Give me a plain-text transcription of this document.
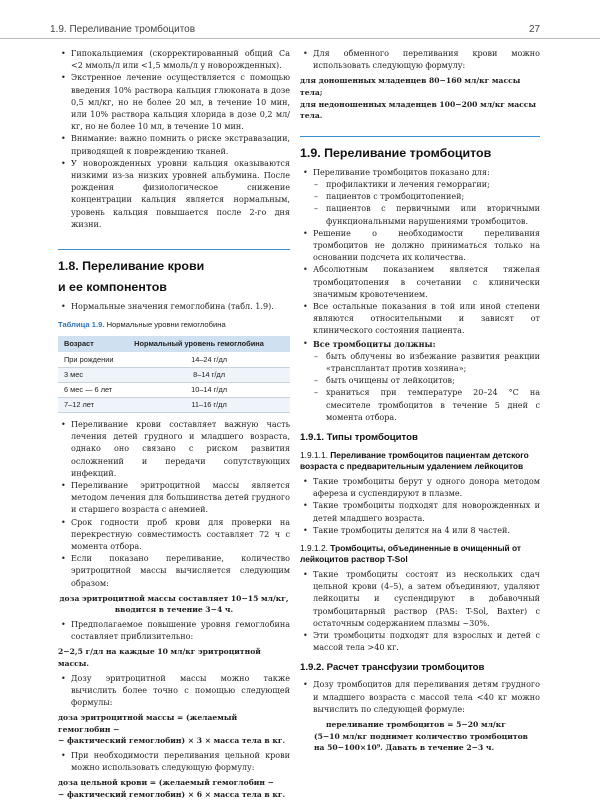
1.9. Переливание тромбоцитов	27
• Гипокальциемия (скорректированный общий Ca <2 ммоль/л или <1,5 ммоль/л у новорожденных).
• Экстренное лечение осуществляется с помощью введения 10% раствора кальция глюконата в дозе 0,5 мл/кг, но не более 20 мл, в течение 10 мин, или 10% раствора кальция хлорида в дозе 0,2 мл/кг, но не более 10 мл, в течение 10 мин.
• Внимание: важно помнить о риске экстравазации, приводящей к повреждению тканей.
• У новорожденных уровни кальция оказываются низкими из-за низких уровней альбумина. После рождения физиологическое снижение концентрации кальция является нормальным, уровень кальция повышается после 2-го дня жизни.
1.8. Переливание крови
и ее компонентов
• Нормальные значения гемоглобина (табл. 1.9).
Таблица 1.9. Нормальные уровни гемоглобина
Возраст	Нормальный уровень гемоглобина
При рождении	14–24 г/дл
3 мес	8–14 г/дл
6 мес — 6 лет	10–14 г/дл
7–12 лет	11–16 г/дл
• Переливание крови составляет важную часть лечения детей грудного и младшего возраста, однако оно связано с риском развития осложнений и передачи сопутствующих инфекций.
• Переливание эритроцитной массы является методом лечения для большинства детей грудного и старшего возраста с анемией.
• Срок годности проб крови для проверки на перекрестную совместимость составляет 72 ч с момента отбора.
• Если показано переливание, количество эритроцитной массы вычисляется следующим образом:
доза эритроцитной массы составляет 10−15 мл/кг,
вводится в течение 3−4 ч.
• Предполагаемое повышение уровня гемоглобина составляет приблизительно:
2−2,5 г/дл на каждые 10 мл/кг эритроцитной массы.
• Дозу эритроцитной массы можно также вычислить более точно с помощью следующей формулы:
доза эритроцитной массы = (желаемый гемоглобин −
− фактический гемоглобин) × 3 × масса тела в кг.
• При необходимости переливания цельной крови можно использовать следующую формулу:
доза цельной крови = (желаемый гемоглобин −
− фактический гемоглобин) × 6 × масса тела в кг.
• Для обменного переливания крови можно использовать следующую формулу:
для доношенных младенцев 80−160 мл/кг массы тела;
для недоношенных младенцев 100−200 мл/кг массы тела.
1.9. Переливание тромбоцитов
• Переливание тромбоцитов показано для:
– профилактики и лечения геморрагии;
– пациентов с тромбоцитопенией;
– пациентов с первичными или вторичными функциональными нарушениями тромбоцитов.
• Решение о необходимости переливания тромбоцитов не должно приниматься только на основании подсчета их количества.
• Абсолютным показанием является тяжелая тромбоцитопения в сочетании с клинически значимым кровотечением.
• Все остальные показания в той или иной степени являются относительными и зависят от клинического состояния пациента.
• Все тромбоциты должны:
– быть облучены во избежание развития реакции «трансплантат против хозяина»;
– быть очищены от лейкоцитов;
– храниться при температуре 20–24 °С на смесителе тромбоцитов в течение 5 дней с момента отбора.
1.9.1. Типы тромбоцитов
1.9.1.1. Переливание тромбоцитов пациентам детского возраста с предварительным удалением лейкоцитов
• Такие тромбоциты берут у одного донора методом афереза и суспендируют в плазме.
• Такие тромбоциты подходят для новорожденных и детей младшего возраста.
• Такие тромбоциты делятся на 4 или 8 частей.
1.9.1.2. Тромбоциты, объединенные в очищенный от лейкоцитов раствор T-Sol
• Такие тромбоциты состоят из нескольких сдач цельной крови (4–5), а затем объединяют, удаляют лейкоциты и суспендируют в добавочный тромбоцитарный раствор (PAS: T-Sol, Baxter) с остаточным содержанием плазмы ~30%.
• Эти тромбоциты подходят для взрослых и детей с массой тела >40 кг.
1.9.2. Расчет трансфузии тромбоцитов
• Дозу тромбоцитов для переливания детям грудного и младшего возраста с массой тела <40 кг можно вычислить по следующей формуле:
переливание тромбоцитов = 5−20 мл/кг
(5−10 мл/кг поднимет количество тромбоцитов
на 50−100×10⁹. Давать в течение 2−3 ч.
